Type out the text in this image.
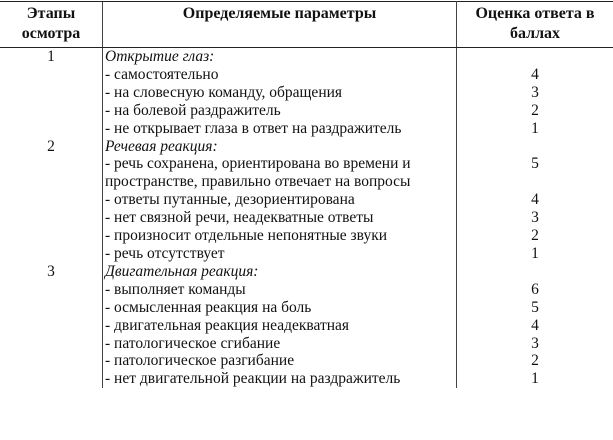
Этапы осмотра	Определяемые параметры	Оценка ответа в баллах
1	Открытие глаз:	
	- самостоятельно	4
	- на словесную команду, обращения	3
	- на болевой раздражитель	2
	- не открывает глаза в ответ на раздражитель	1
2	Речевая реакция:	
	- речь сохранена, ориентирована во времени и	5
	пространстве, правильно отвечает на вопросы	
	- ответы путанные, дезориентирована	4
	- нет связной речи, неадекватные ответы	3
	- произносит отдельные непонятные звуки	2
	- речь отсутствует	1
3	Двигательная реакция:	
	- выполняет команды	6
	- осмысленная реакция на боль	5
	- двигательная реакция неадекватная	4
	- патологическое сгибание	3
	- патологическое разгибание	2
	- нет двигательной реакции на раздражитель	1
